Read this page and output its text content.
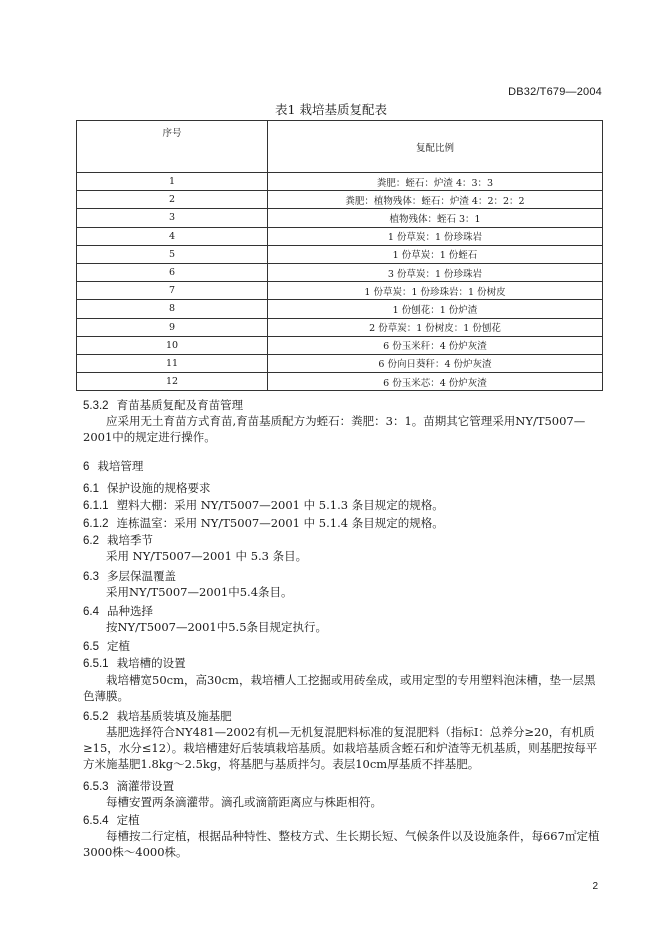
DB32/T679—2004
表1 栽培基质复配表
序号	复配比例
1	粪肥：蛭石：炉渣 4：3：3
2	粪肥：植物残体：蛭石：炉渣 4：2：2：2
3	植物残体：蛭石 3：1
4	1 份草炭：1 份珍珠岩
5	1 份草炭：1 份蛭石
6	3 份草炭：1 份珍珠岩
7	1 份草炭：1 份珍珠岩：1 份树皮
8	1 份刨花：1 份炉渣
9	2 份草炭：1 份树皮：1 份刨花
10	6 份玉米秆：4 份炉灰渣
11	6 份向日葵秆：4 份炉灰渣
12	6 份玉米芯：4 份炉灰渣
5.3.2 育苗基质复配及育苗管理
应采用无土育苗方式育苗,育苗基质配方为蛭石：粪肥：3：1。苗期其它管理采用NY/T5007—2001中的规定进行操作。
6 栽培管理
6.1 保护设施的规格要求
6.1.1 塑料大棚：采用 NY/T5007—2001 中 5.1.3 条目规定的规格。
6.1.2 连栋温室：采用 NY/T5007—2001 中 5.1.4 条目规定的规格。
6.2 栽培季节
采用 NY/T5007—2001 中 5.3 条目。
6.3 多层保温覆盖
采用NY/T5007—2001中5.4条目。
6.4 品种选择
按NY/T5007—2001中5.5条目规定执行。
6.5 定植
6.5.1 栽培槽的设置
栽培槽宽50cm，高30cm，栽培槽人工挖掘或用砖垒成，或用定型的专用塑料泡沫槽，垫一层黑色薄膜。
6.5.2 栽培基质装填及施基肥
基肥选择符合NY481—2002有机—无机复混肥料标准的复混肥料（指标Ⅰ：总养分≥20，有机质≥15，水分≤12）。栽培槽建好后装填栽培基质。如栽培基质含蛭石和炉渣等无机基质，则基肥按每平方米施基肥1.8kg～2.5kg，将基肥与基质拌匀。表层10cm厚基质不拌基肥。
6.5.3 滴灌带设置
每槽安置两条滴灌带。滴孔或滴箭距离应与株距相符。
6.5.4 定植
每槽按二行定植，根据品种特性、整枝方式、生长期长短、气候条件以及设施条件，每667㎡定植3000株～4000株。
2
